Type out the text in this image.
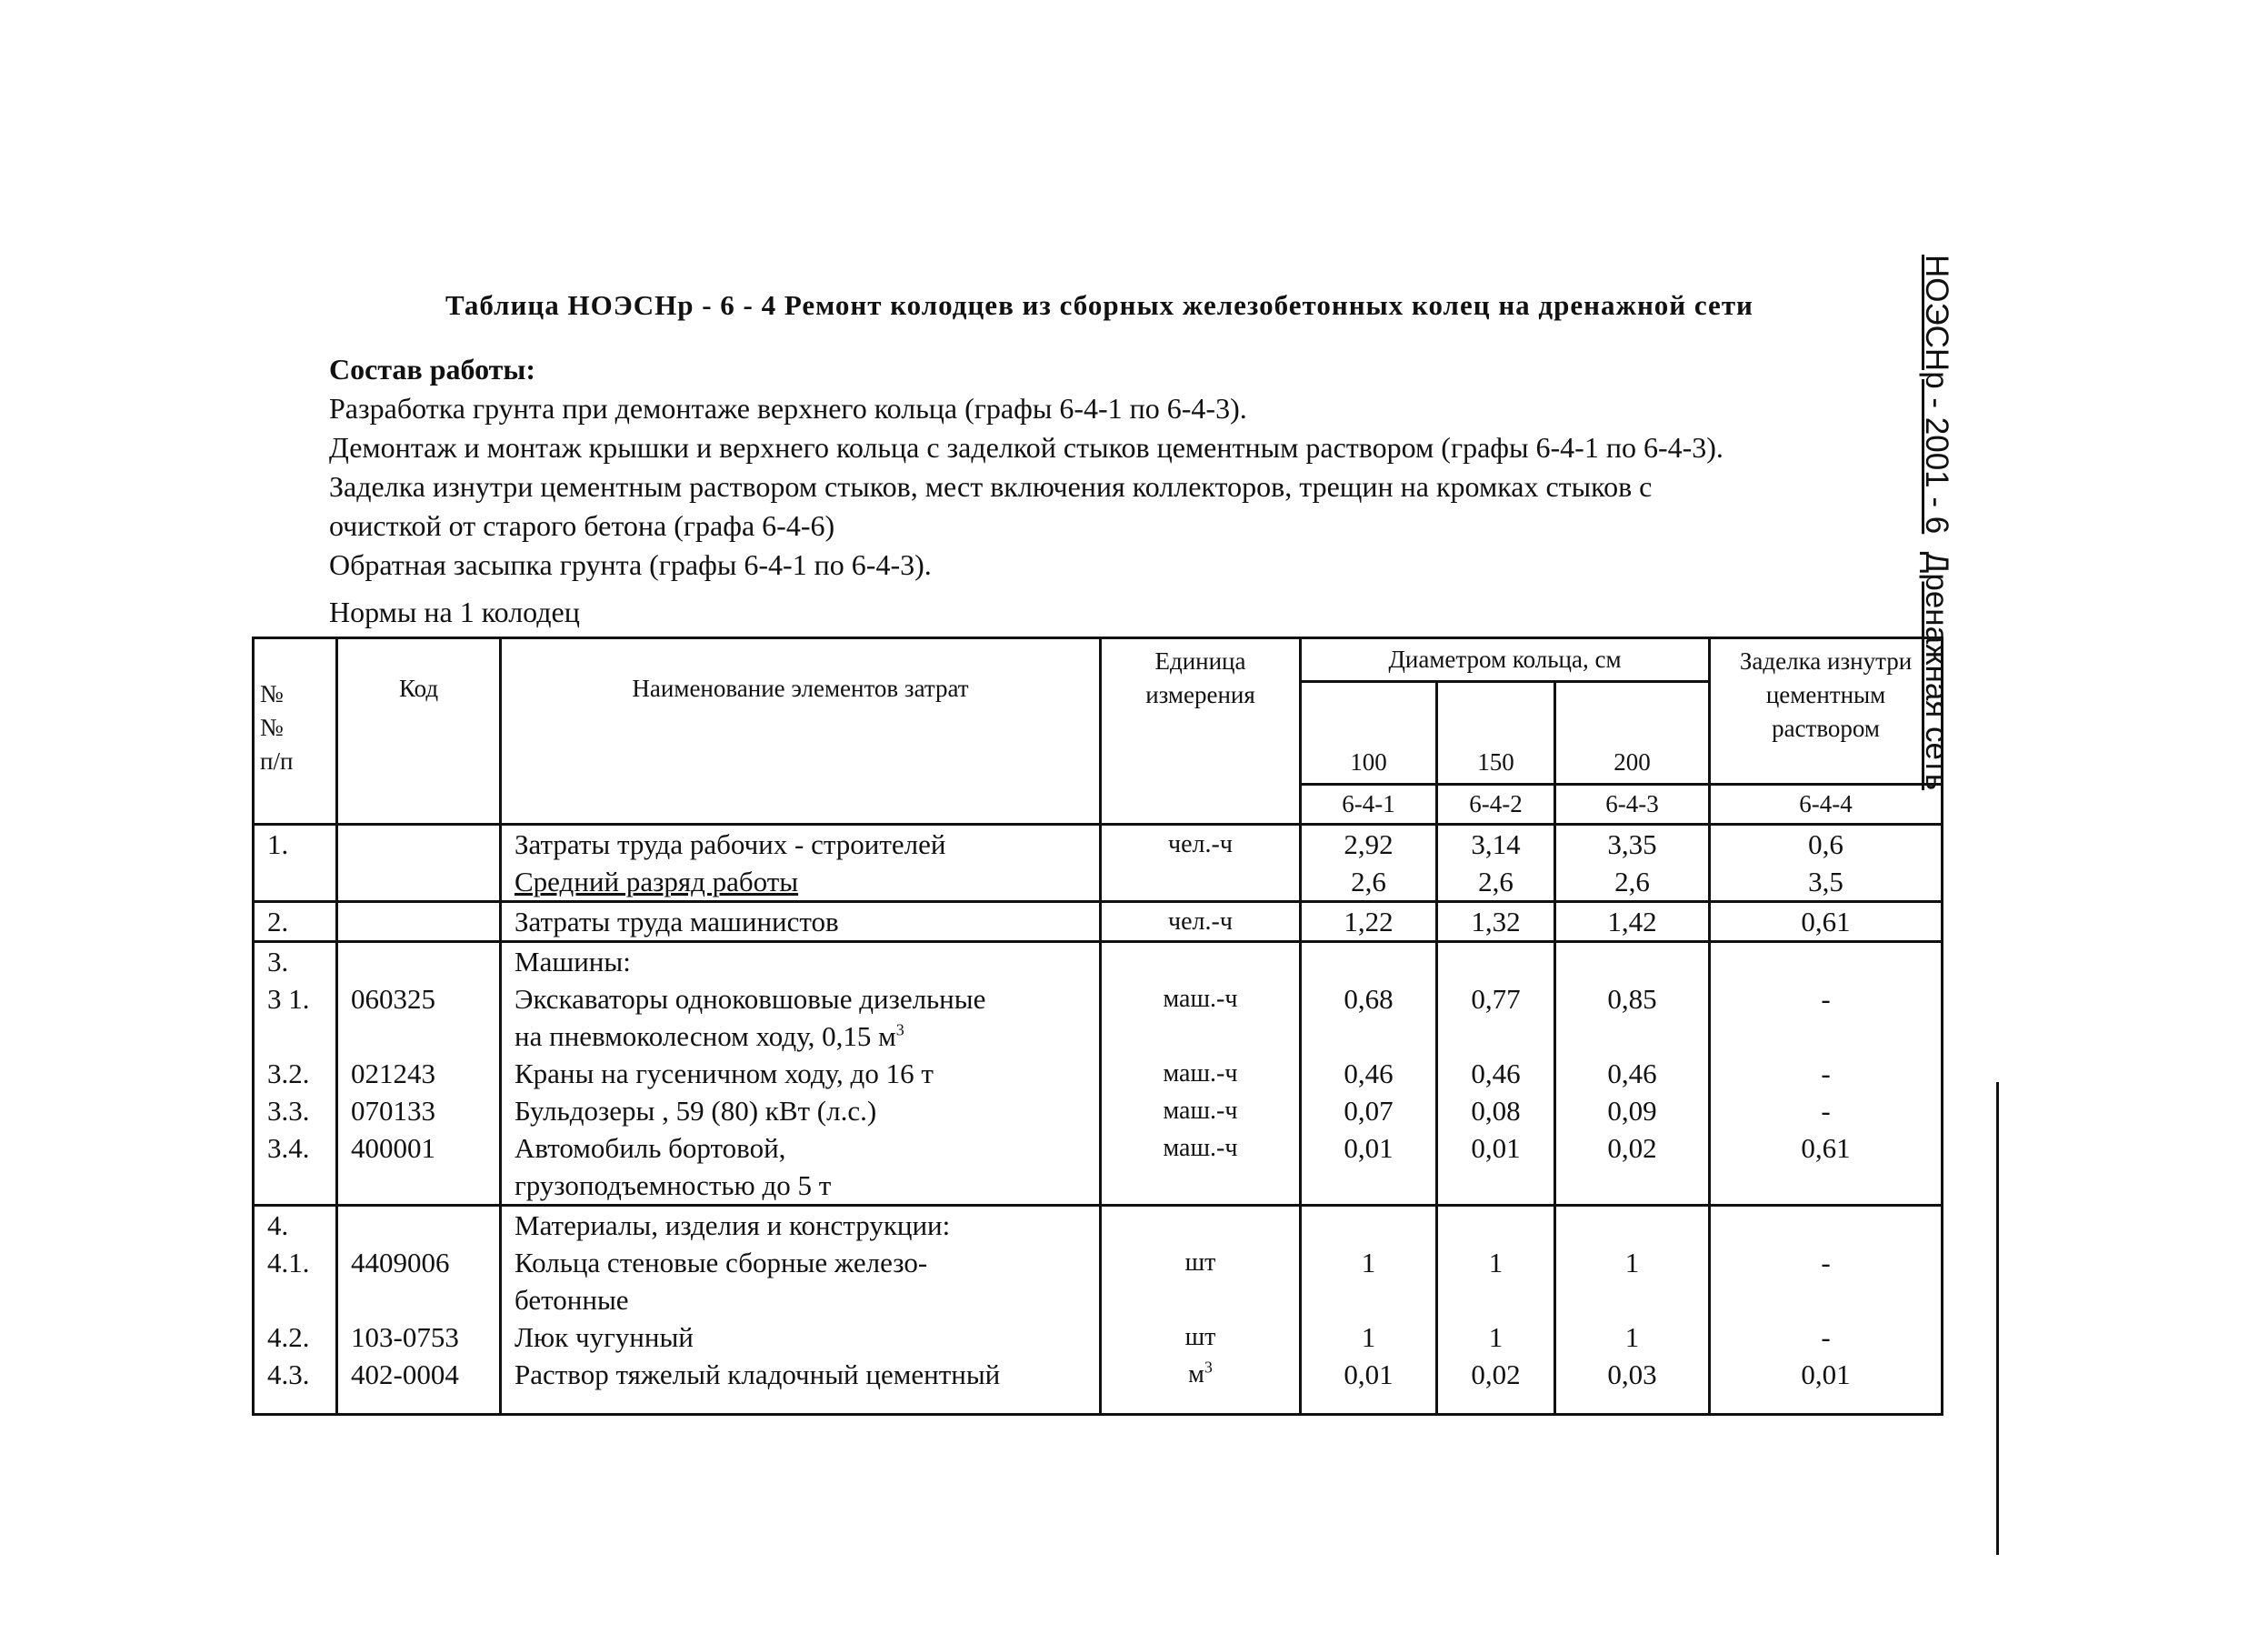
Таблица НОЭСНр - 6 - 4 Ремонт колодцев из сборных железобетонных колец на дренажной сети
Состав работы:
Разработка грунта при демонтаже верхнего кольца (графы 6-4-1 по 6-4-3).
Демонтаж и монтаж крышки и верхнего кольца с заделкой стыков цементным раствором (графы 6-4-1 по 6-4-3).
Заделка изнутри цементным раствором стыков, мест включения коллекторов, трещин на кромках стыков с
очисткой от старого бетона (графа 6-4-6)
Обратная засыпка грунта (графы 6-4-1 по 6-4-3).
Нормы на 1 колодец
НОЭСНр - 2001 - 6  Дренажная сеть
№
№
п/п	Код	Наименование элементов затрат	Единица измерения	Диаметром кольца, см			Заделка изнутри цементным раствором
				100	150	200	
				6-4-1	6-4-2	6-4-3	6-4-4
1.		Затраты труда рабочих - строителей	чел.-ч	2,92	3,14	3,35	0,6
		Средний разряд работы		2,6	2,6	2,6	3,5
2.		Затраты труда машинистов	чел.-ч	1,22	1,32	1,42	0,61
3.		Машины:					
3 1.	060325	Экскаваторы одноковшовые дизельные	маш.-ч	0,68	0,77	0,85	-
		на пневмоколесном ходу, 0,15 $м^3$					
3.2.	021243	Краны на гусеничном ходу, до 16 т	маш.-ч	0,46	0,46	0,46	-
3.3.	070133	Бульдозеры , 59 (80) кВт (л.с.)	маш.-ч	0,07	0,08	0,09	-
3.4.	400001	Автомобиль бортовой,	маш.-ч	0,01	0,01	0,02	0,61
		грузоподъемностью до 5 т					
4.		Материалы, изделия и конструкции:					
4.1.	4409006	Кольца стеновые сборные железо-	шт	1	1	1	-
		бетонные					
4.2.	103-0753	Люк чугунный	шт	1	1	1	-
4.3.	402-0004	Раствор тяжелый кладочный цементный	$м^3$	0,01	0,02	0,03	0,01
